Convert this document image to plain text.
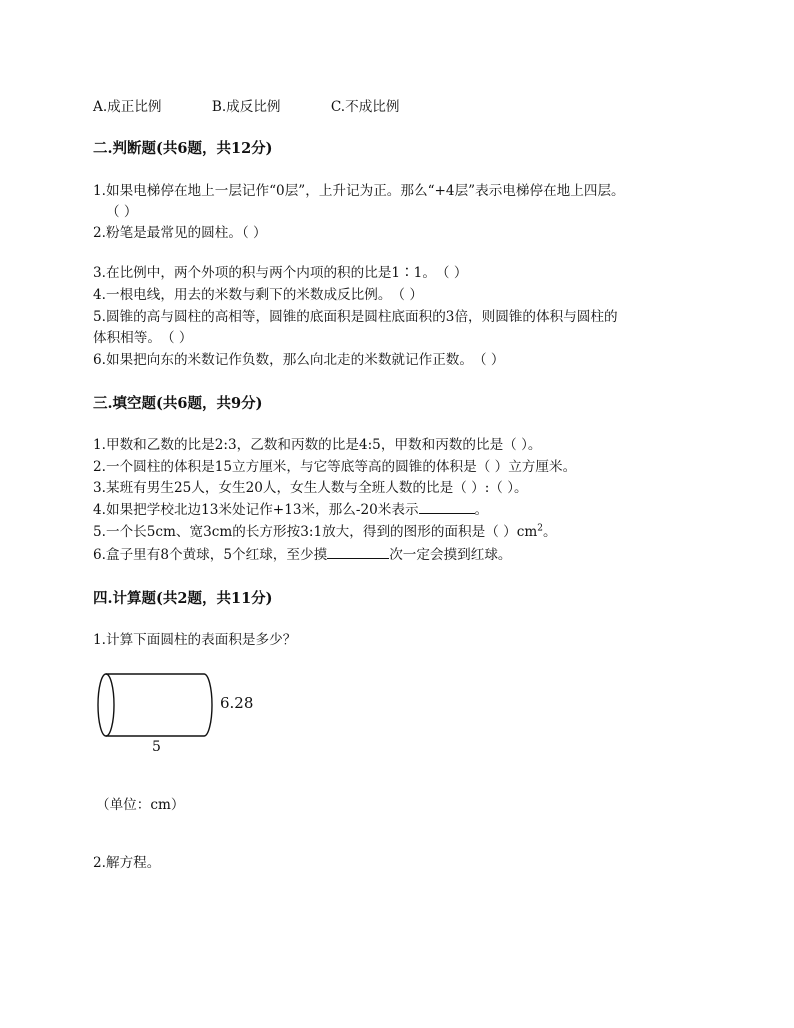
A.成正比例	B.成反比例	C.不成比例
二.判断题(共6题，共12分)
1.如果电梯停在地上一层记作“0层”，上升记为正。那么“+4层”表示电梯停在地上四层。
（ ）
2.粉笔是最常见的圆柱。（ ）
3.在比例中，两个外项的积与两个内项的积的比是1∶1。　（ ）
4.一根电线，用去的米数与剩下的米数成反比例。　（ ）
5.圆锥的高与圆柱的高相等，圆锥的底面积是圆柱底面积的3倍，则圆锥的体积与圆柱的
体积相等。　（ ）
6.如果把向东的米数记作负数，那么向北走的米数就记作正数。　（ ）
三.填空题(共6题，共9分)
1.甲数和乙数的比是2:3，乙数和丙数的比是4:5，甲数和丙数的比是（ ）。
2.一个圆柱的体积是15立方厘米，与它等底等高的圆锥的体积是（ ）立方厘米。
3.某班有男生25人，女生20人，女生人数与全班人数的比是（ ）:（ ）。
4.如果把学校北边13米处记作+13米，那么-20米表示	。
5.一个长5cm、宽3cm的长方形按3:1放大，得到的图形的面积是（ ）$cm^2$。
6.盒子里有8个黄球，5个红球，至少摸	次一定会摸到红球。
四.计算题(共2题，共11分)
1.计算下面圆柱的表面积是多少？
6.28
5
（单位：cm）
2.解方程。
